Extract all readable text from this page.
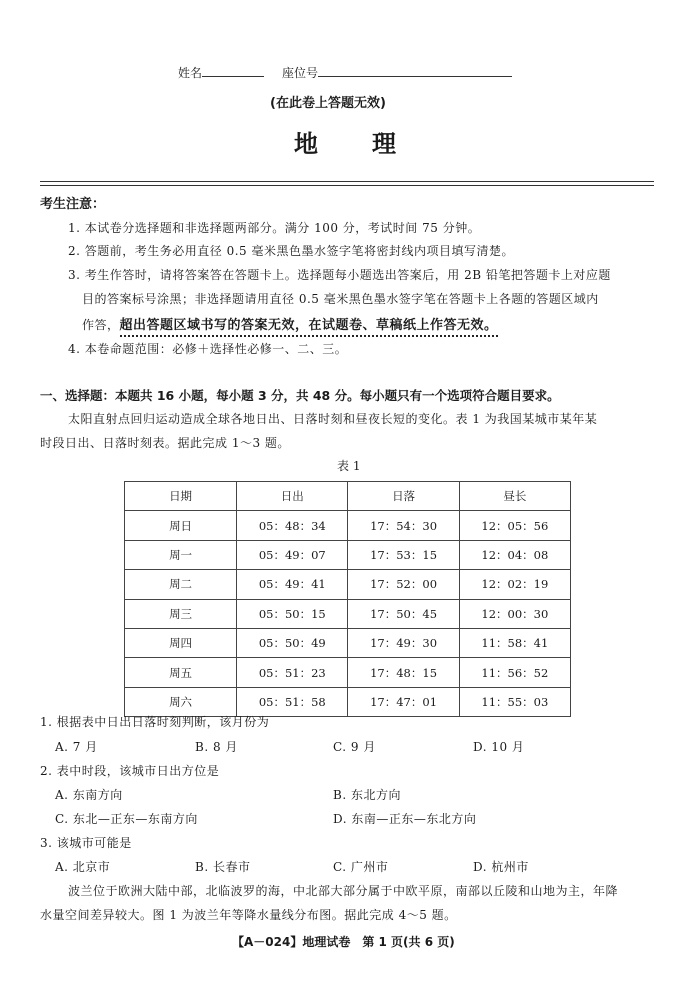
姓名	座位号
(在此卷上答题无效)
地　　理
考生注意：
1. 本试卷分选择题和非选择题两部分。满分 100 分，考试时间 75 分钟。
2. 答题前，考生务必用直径 0.5 毫米黑色墨水签字笔将密封线内项目填写清楚。
3. 考生作答时，请将答案答在答题卡上。选择题每小题选出答案后，用 2B 铅笔把答题卡上对应题
目的答案标号涂黑；非选择题请用直径 0.5 毫米黑色墨水签字笔在答题卡上各题的答题区域内
作答，超出答题区域书写的答案无效，在试题卷、草稿纸上作答无效。
4. 本卷命题范围：必修＋选择性必修一、二、三。
一、选择题：本题共 16 小题，每小题 3 分，共 48 分。每小题只有一个选项符合题目要求。
太阳直射点回归运动造成全球各地日出、日落时刻和昼夜长短的变化。表 1 为我国某城市某年某
时段日出、日落时刻表。据此完成 1～3 题。
表 1
日期	日出	日落	昼长
周日	05：48：34	17：54：30	12：05：56
周一	05：49：07	17：53：15	12：04：08
周二	05：49：41	17：52：00	12：02：19
周三	05：50：15	17：50：45	12：00：30
周四	05：50：49	17：49：30	11：58：41
周五	05：51：23	17：48：15	11：56：52
周六	05：51：58	17：47：01	11：55：03
1. 根据表中日出日落时刻判断，该月份为
A. 7 月	B. 8 月	C. 9 月	D. 10 月
2. 表中时段，该城市日出方位是
A. 东南方向	B. 东北方向
C. 东北—正东—东南方向	D. 东南—正东—东北方向
3. 该城市可能是
A. 北京市	B. 长春市	C. 广州市	D. 杭州市
波兰位于欧洲大陆中部，北临波罗的海，中北部大部分属于中欧平原，南部以丘陵和山地为主，年降
水量空间差异较大。图 1 为波兰年等降水量线分布图。据此完成 4～5 题。
【A－024】地理试卷　第 1 页(共 6 页)
